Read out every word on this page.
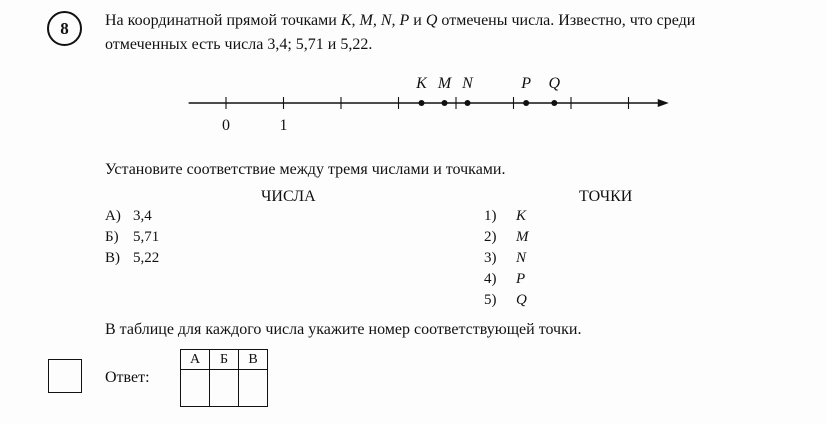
8 На координатной прямой точками K, M, N, P и Q отмечены числа. Известно, что среди
отмеченных есть числа 3,4; 5,71 и 5,22.
0	1
K M N	P Q
Установите соответствие между тремя числами и точками.
ЧИСЛА	ТОЧКИ
А) 3,4
Б) 5,71
В) 5,22
1)	K
2)	M
3)	N
4)	P
5)	Q
В таблице для каждого числа укажите номер соответствующей точки.
Ответ:
А	Б	В
